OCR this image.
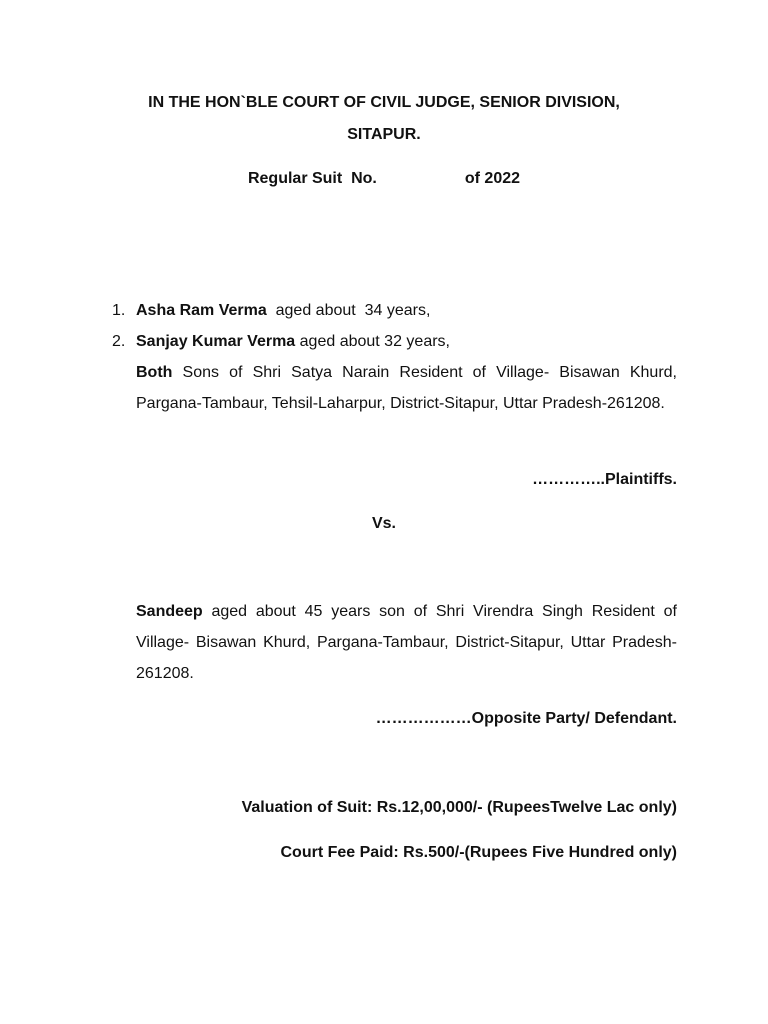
IN THE HON`BLE COURT OF CIVIL JUDGE, SENIOR DIVISION,
SITAPUR.
Regular Suit  No.	of 2022
1. Asha Ram Verma  aged about  34 years,
2. Sanjay Kumar Verma aged about 32 years,
Both Sons of Shri Satya Narain Resident of Village- Bisawan Khurd, Pargana-Tambaur, Tehsil-Laharpur, District-Sitapur, Uttar Pradesh-261208.
…………..Plaintiffs.
Vs.
Sandeep aged about 45 years son of Shri Virendra Singh Resident of Village- Bisawan Khurd, Pargana-Tambaur, District-Sitapur, Uttar Pradesh-261208.
………………Opposite Party/ Defendant.
Valuation of Suit: Rs.12,00,000/- (RupeesTwelve Lac only)
Court Fee Paid: Rs.500/-(Rupees Five Hundred only)
